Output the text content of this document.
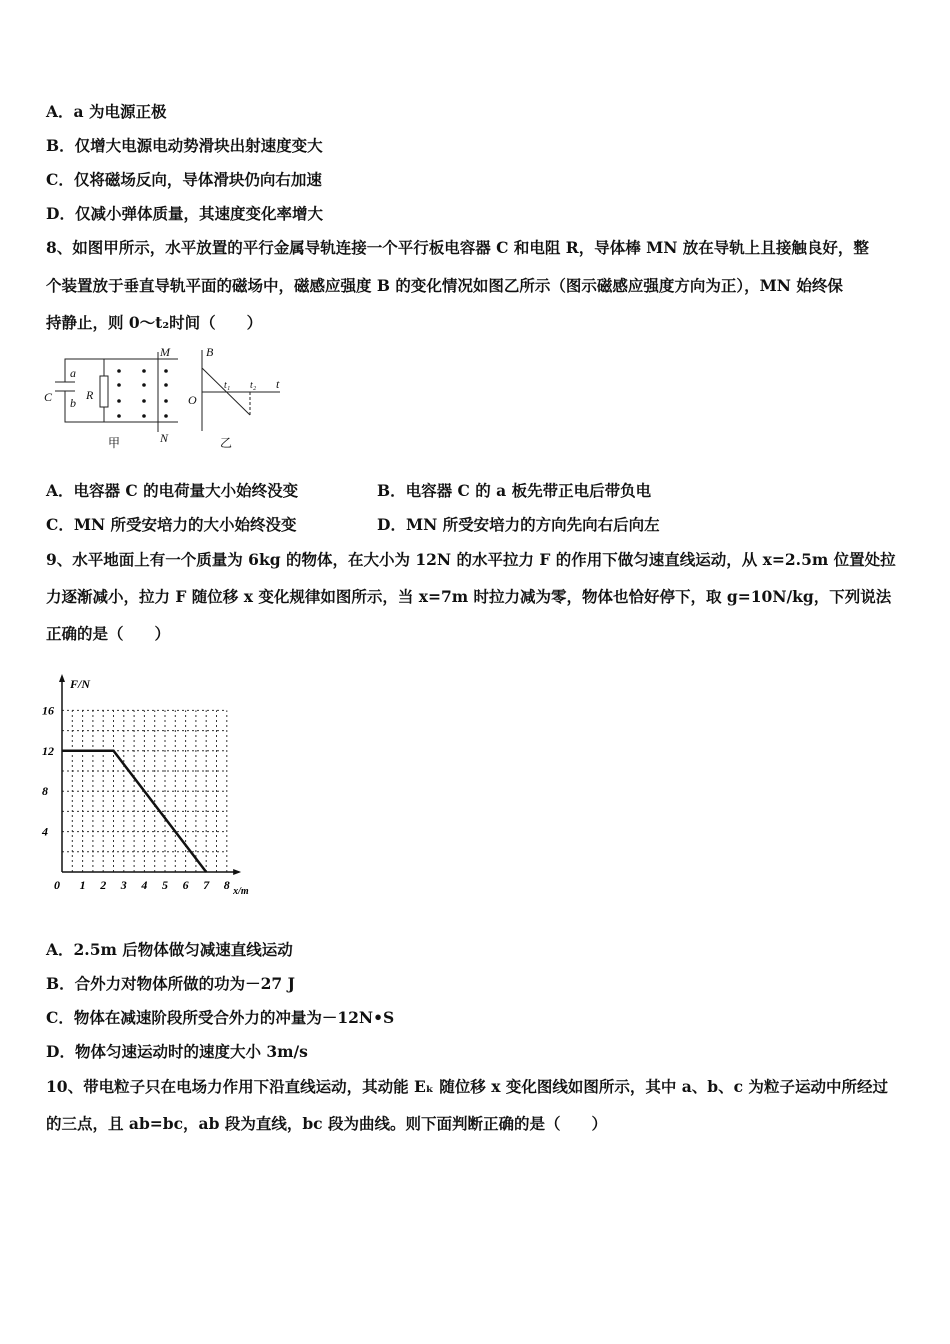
A．a 为电源正极
B．仅增大电源电动势滑块出射速度变大
C．仅将磁场反向，导体滑块仍向右加速
D．仅减小弹体质量，其速度变化率增大
8、如图甲所示，水平放置的平行金属导轨连接一个平行板电容器 C 和电阻 R，导体棒 MN 放在导轨上且接触良好，整
个装置放于垂直导轨平面的磁场中，磁感应强度 B 的变化情况如图乙所示（图示磁感应强度方向为正），MN 始终保
持静止，则 0～t₂时间（　　）
C
a
b
R
M
N
甲
B
O
t₁ t₂ t
乙
A．电容器 C 的电荷量大小始终没变	B．电容器 C 的 a 板先带正电后带负电
C．MN 所受安培力的大小始终没变	D．MN 所受安培力的方向先向右后向左
9、水平地面上有一个质量为 6kg 的物体，在大小为 12N 的水平拉力 F 的作用下做匀速直线运动，从 x=2.5m 位置处拉
力逐渐减小，拉力 F 随位移 x 变化规律如图所示，当 x=7m 时拉力减为零，物体也恰好停下，取 g=10N/kg，下列说法
正确的是（　　）
0 1 2 3 4 5 6 7 8
4
8
12
16
F/N
x/m
A．2.5m 后物体做匀减速直线运动
B．合外力对物体所做的功为－27 J
C．物体在减速阶段所受合外力的冲量为－12N•S
D．物体匀速运动时的速度大小 3m/s
10、带电粒子只在电场力作用下沿直线运动，其动能 Eₖ 随位移 x 变化图线如图所示，其中 a、b、c 为粒子运动中所经过
的三点，且 ab=bc，ab 段为直线，bc 段为曲线。则下面判断正确的是（　　）
